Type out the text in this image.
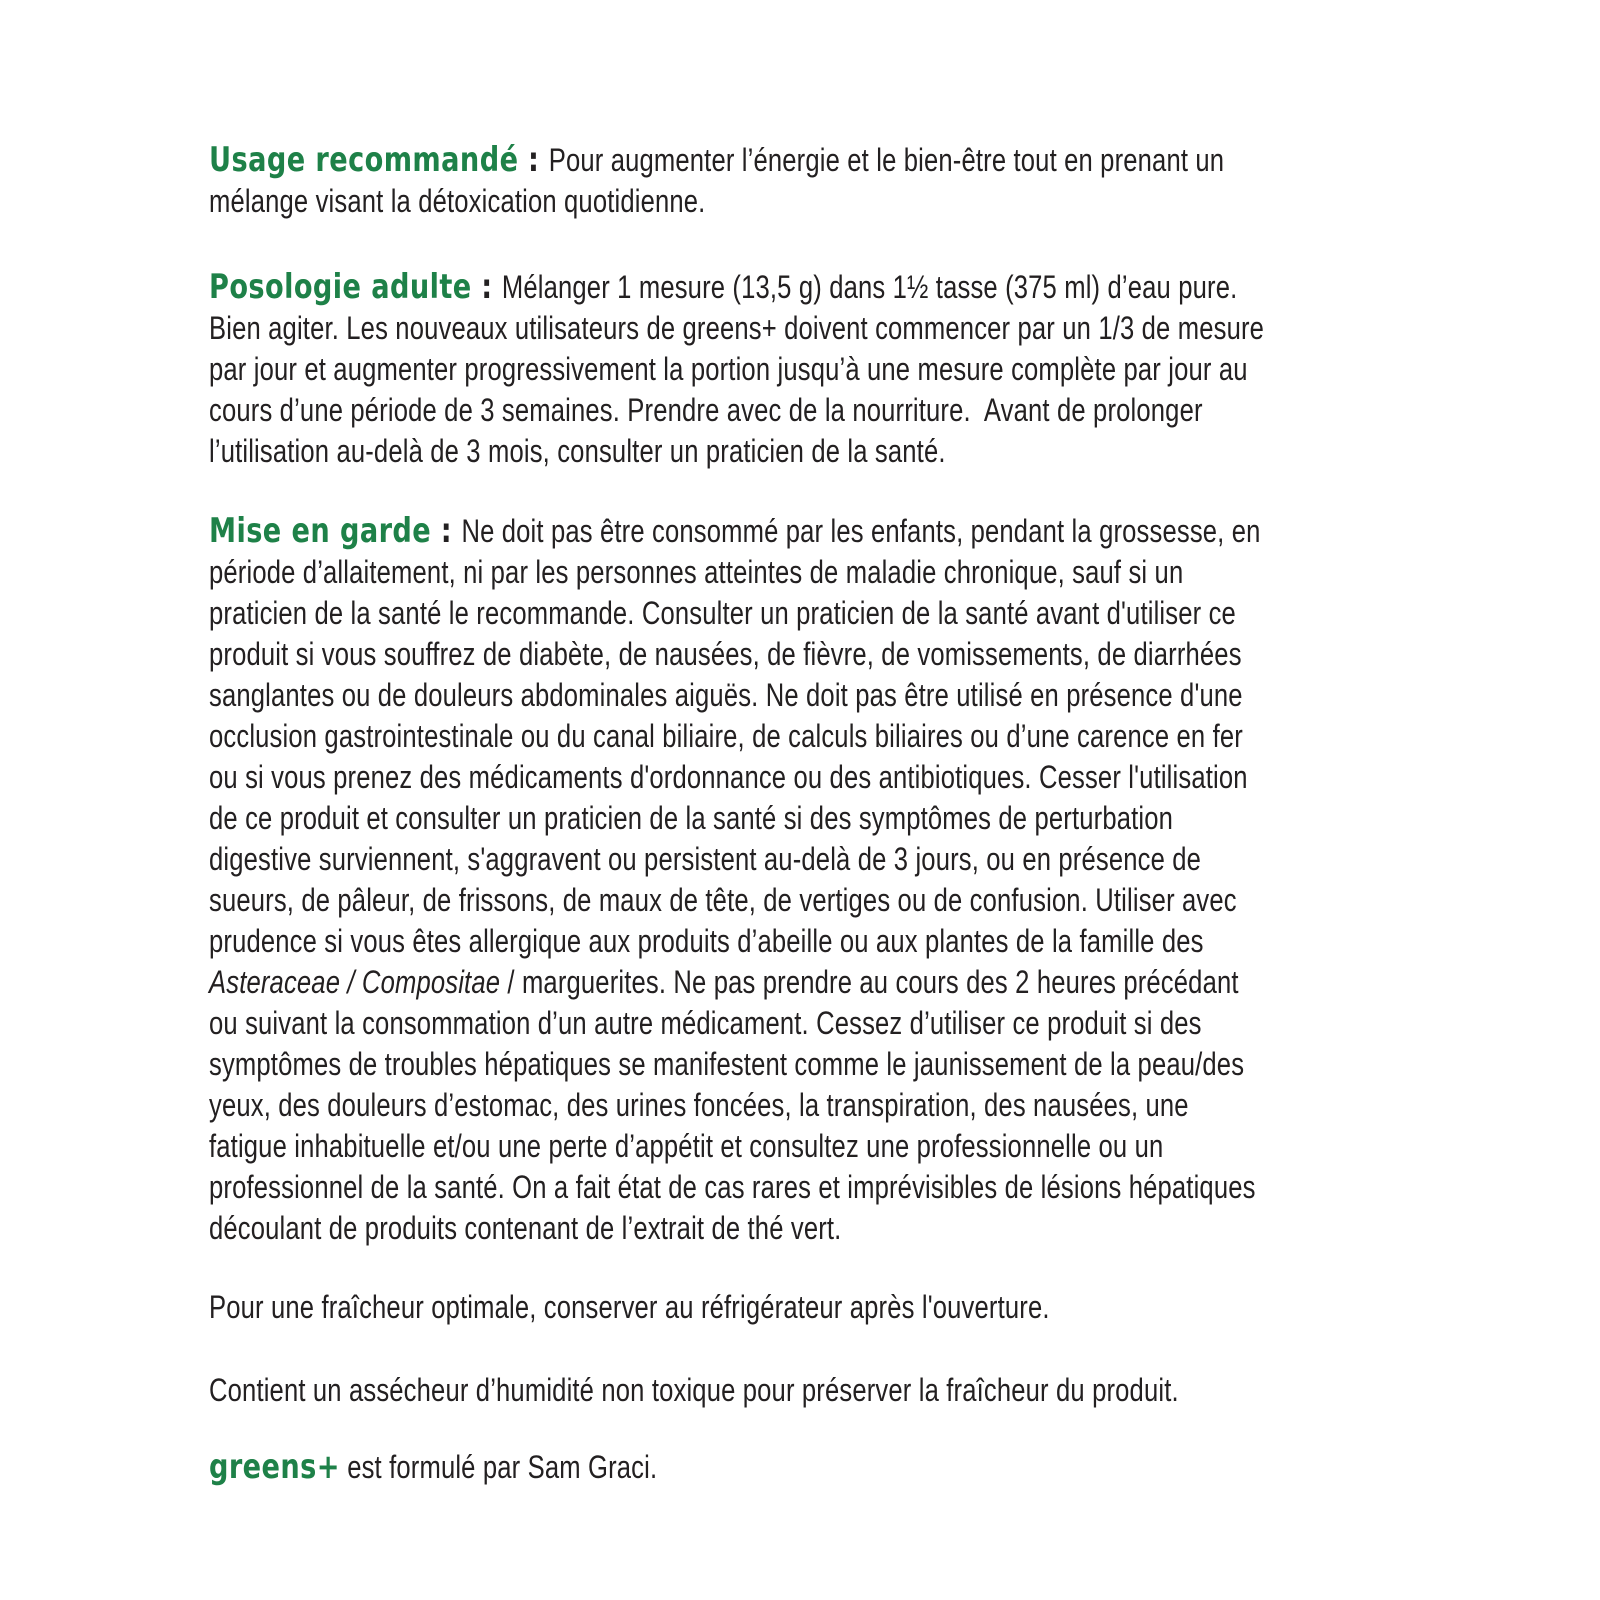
Usage recommandé : Pour augmenter l’énergie et le bien-être tout en prenant un
mélange visant la détoxication quotidienne.
Posologie adulte : Mélanger 1 mesure (13,5 g) dans 1½ tasse (375 ml) d’eau pure.
Bien agiter. Les nouveaux utilisateurs de greens+ doivent commencer par un 1/3 de mesure
par jour et augmenter progressivement la portion jusqu’à une mesure complète par jour au
cours d’une période de 3 semaines. Prendre avec de la nourriture.  Avant de prolonger
l’utilisation au-delà de 3 mois, consulter un praticien de la santé.
Mise en garde : Ne doit pas être consommé par les enfants, pendant la grossesse, en
période d’allaitement, ni par les personnes atteintes de maladie chronique, sauf si un
praticien de la santé le recommande. Consulter un praticien de la santé avant d'utiliser ce
produit si vous souffrez de diabète, de nausées, de fièvre, de vomissements, de diarrhées
sanglantes ou de douleurs abdominales aiguës. Ne doit pas être utilisé en présence d'une
occlusion gastrointestinale ou du canal biliaire, de calculs biliaires ou d’une carence en fer
ou si vous prenez des médicaments d'ordonnance ou des antibiotiques. Cesser l'utilisation
de ce produit et consulter un praticien de la santé si des symptômes de perturbation
digestive surviennent, s'aggravent ou persistent au-delà de 3 jours, ou en présence de
sueurs, de pâleur, de frissons, de maux de tête, de vertiges ou de confusion. Utiliser avec
prudence si vous êtes allergique aux produits d’abeille ou aux plantes de la famille des
Asteraceae / Compositae / marguerites. Ne pas prendre au cours des 2 heures précédant
ou suivant la consommation d’un autre médicament. Cessez d’utiliser ce produit si des
symptômes de troubles hépatiques se manifestent comme le jaunissement de la peau/des
yeux, des douleurs d’estomac, des urines foncées, la transpiration, des nausées, une
fatigue inhabituelle et/ou une perte d’appétit et consultez une professionnelle ou un
professionnel de la santé. On a fait état de cas rares et imprévisibles de lésions hépatiques
découlant de produits contenant de l’extrait de thé vert.
Pour une fraîcheur optimale, conserver au réfrigérateur après l'ouverture.
Contient un assécheur d’humidité non toxique pour préserver la fraîcheur du produit.
greens+ est formulé par Sam Graci.
